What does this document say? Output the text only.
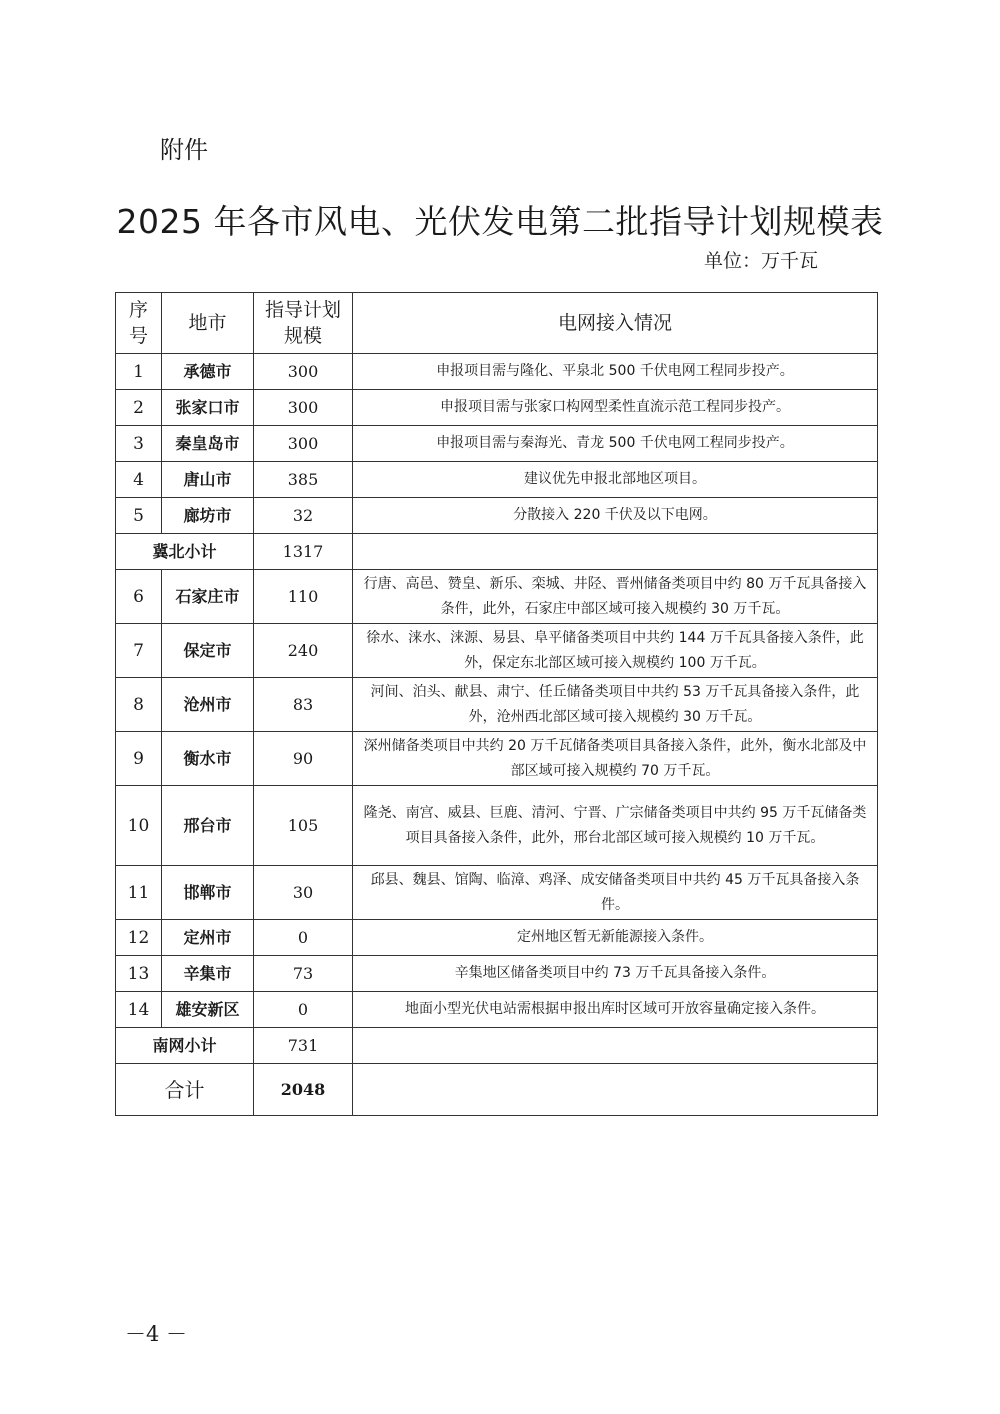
附件
2025 年各市风电、光伏发电第二批指导计划规模表
单位：万千瓦
序号	地市	指导计划规模	电网接入情况
1	承德市	300	申报项目需与隆化、平泉北 500 千伏电网工程同步投产。
2	张家口市	300	申报项目需与张家口构网型柔性直流示范工程同步投产。
3	秦皇岛市	300	申报项目需与秦海光、青龙 500 千伏电网工程同步投产。
4	唐山市	385	建议优先申报北部地区项目。
5	廊坊市	32	分散接入 220 千伏及以下电网。
冀北小计		1317	
6	石家庄市	110	行唐、高邑、赞皇、新乐、栾城、井陉、晋州储备类项目中约 80 万千瓦具备接入条件，此外，石家庄中部区域可接入规模约 30 万千瓦。
7	保定市	240	徐水、涞水、涞源、易县、阜平储备类项目中共约 144 万千瓦具备接入条件，此外，保定东北部区域可接入规模约 100 万千瓦。
8	沧州市	83	河间、泊头、献县、肃宁、任丘储备类项目中共约 53 万千瓦具备接入条件，此外，沧州西北部区域可接入规模约 30 万千瓦。
9	衡水市	90	深州储备类项目中共约 20 万千瓦储备类项目具备接入条件，此外，衡水北部及中部区域可接入规模约 70 万千瓦。
10	邢台市	105	隆尧、南宫、威县、巨鹿、清河、宁晋、广宗储备类项目中共约 95 万千瓦储备类项目具备接入条件，此外，邢台北部区域可接入规模约 10 万千瓦。
11	邯郸市	30	邱县、魏县、馆陶、临漳、鸡泽、成安储备类项目中共约 45 万千瓦具备接入条件。
12	定州市	0	定州地区暂无新能源接入条件。
13	辛集市	73	辛集地区储备类项目中约 73 万千瓦具备接入条件。
14	雄安新区	0	地面小型光伏电站需根据申报出库时区域可开放容量确定接入条件。
南网小计		731	
合计		2048	
－4 －
